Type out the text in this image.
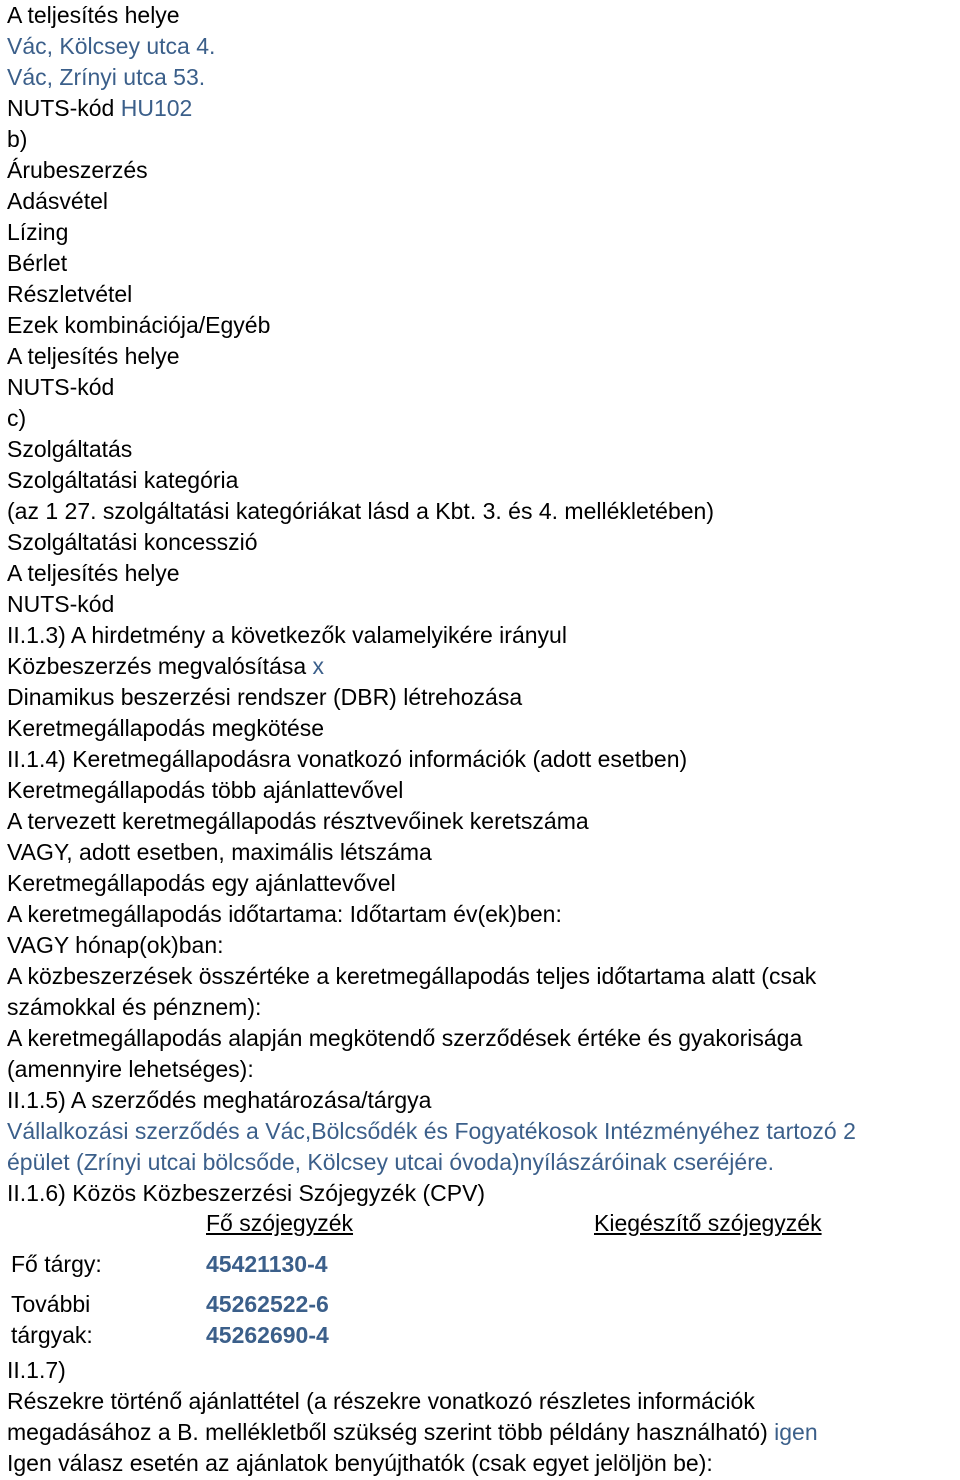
A teljesítés helye
Vác, Kölcsey utca 4.
Vác, Zrínyi utca 53.
NUTS-kód HU102
b)
Árubeszerzés
Adásvétel
Lízing
Bérlet
Részletvétel
Ezek kombinációja/Egyéb
A teljesítés helye
NUTS-kód
c)
Szolgáltatás
Szolgáltatási kategória
(az 1 27. szolgáltatási kategóriákat lásd a Kbt. 3. és 4. mellékletében)
Szolgáltatási koncesszió
A teljesítés helye
NUTS-kód
II.1.3) A hirdetmény a következők valamelyikére irányul
Közbeszerzés megvalósítása x
Dinamikus beszerzési rendszer (DBR) létrehozása
Keretmegállapodás megkötése
II.1.4) Keretmegállapodásra vonatkozó információk (adott esetben)
Keretmegállapodás több ajánlattevővel
A tervezett keretmegállapodás résztvevőinek keretszáma
VAGY, adott esetben, maximális létszáma
Keretmegállapodás egy ajánlattevővel
A keretmegállapodás időtartama: Időtartam év(ek)ben:
VAGY hónap(ok)ban:
A közbeszerzések összértéke a keretmegállapodás teljes időtartama alatt (csak
számokkal és pénznem):
A keretmegállapodás alapján megkötendő szerződések értéke és gyakorisága
(amennyire lehetséges):
II.1.5) A szerződés meghatározása/tárgya
Vállalkozási szerződés a Vác,Bölcsődék és Fogyatékosok Intézményéhez tartozó 2
épület (Zrínyi utcai bölcsőde, Kölcsey utcai óvoda)nyílászáróinak cseréjére.
II.1.6) Közös Közbeszerzési Szójegyzék (CPV)
Fő szójegyzék	Kiegészítő szójegyzék
Fő tárgy:	45421130-4
További	45262522-6
tárgyak:	45262690-4
II.1.7)
Részekre történő ajánlattétel (a részekre vonatkozó részletes információk
megadásához a B. mellékletből szükség szerint több példány használható) igen
Igen válasz esetén az ajánlatok benyújthatók (csak egyet jelöljön be):
